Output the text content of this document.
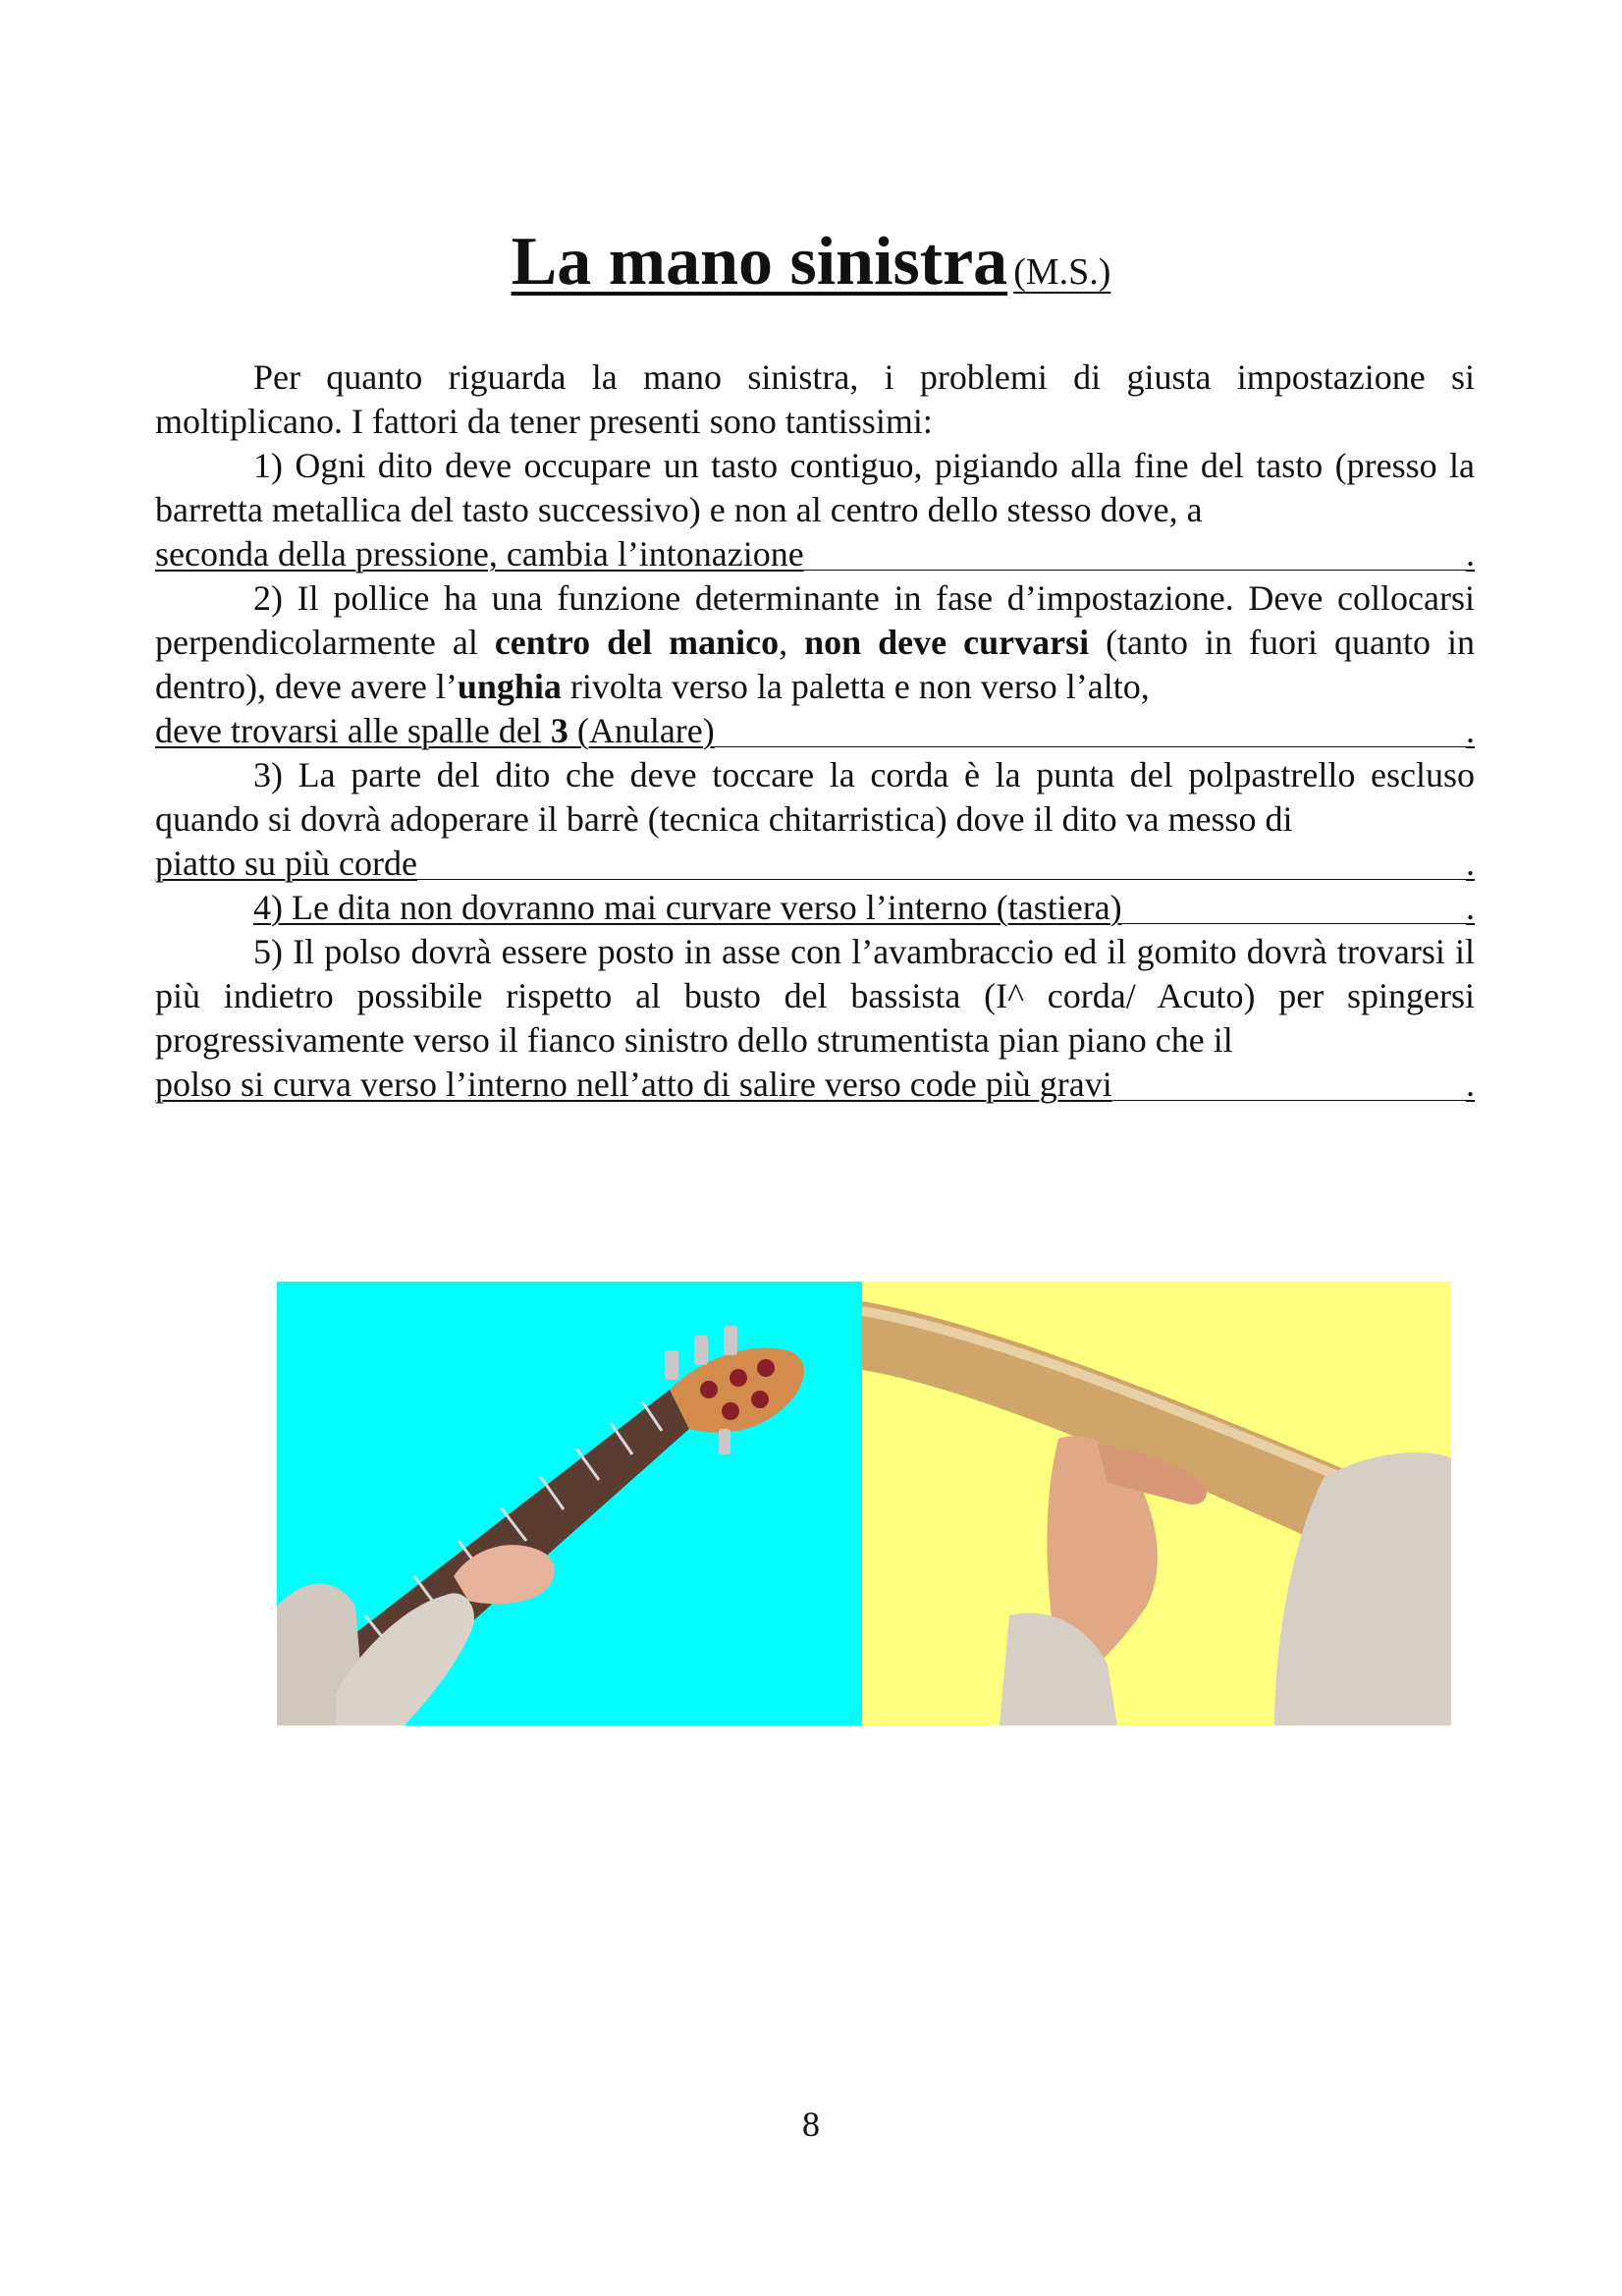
La mano sinistra (M.S.)

Per quanto riguarda la mano sinistra, i problemi di giusta impostazione si moltiplicano. I fattori da tener presenti sono tantissimi:

1) Ogni dito deve occupare un tasto contiguo, pigiando alla fine del tasto (presso la barretta metallica del tasto successivo) e non al centro dello stesso dove, a

seconda della pressione, cambia l’intonazione	.

2) Il pollice ha una funzione determinante in fase d’impostazione. Deve collocarsi perpendicolarmente al centro del manico, non deve curvarsi (tanto in fuori quanto in dentro), deve avere l’unghia rivolta verso la paletta e non verso l’alto,

deve trovarsi alle spalle del 3 (Anulare)	.

3) La parte del dito che deve toccare la corda è la punta del polpastrello escluso quando si dovrà adoperare il barrè (tecnica chitarristica) dove il dito va messo di

piatto su più corde	.
4) Le dita non dovranno mai curvare verso l’interno (tastiera)	.

5) Il polso dovrà essere posto in asse con l’avambraccio ed il gomito dovrà trovarsi il più indietro possibile rispetto al busto del bassista (I^ corda/ Acuto) per spingersi progressivamente verso il fianco sinistro dello strumentista pian piano che il

polso si curva verso l’interno nell’atto di salire verso code più gravi	.
8
